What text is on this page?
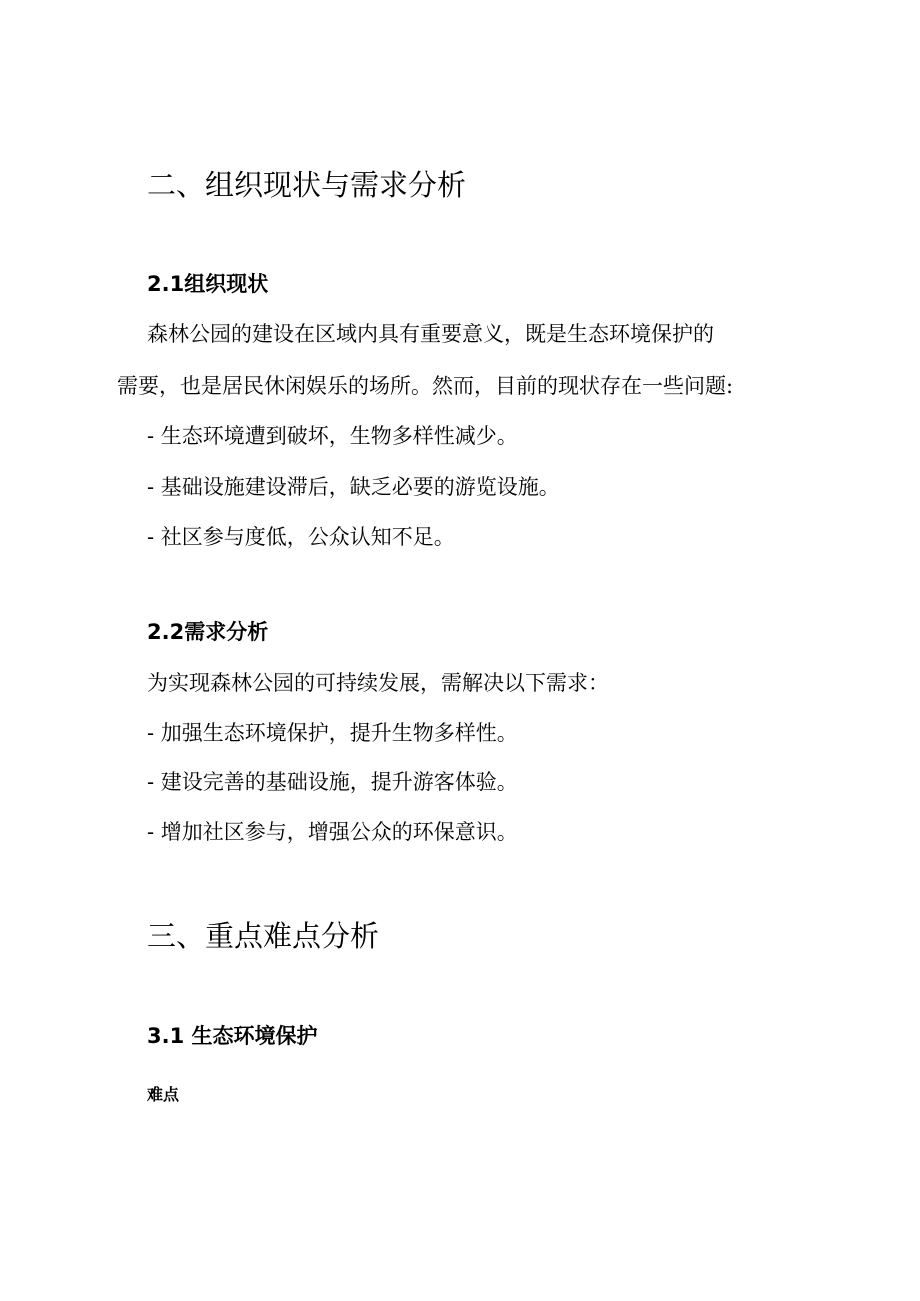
二、组织现状与需求分析
2.1组织现状
森林公园的建设在区域内具有重要意义，既是生态环境保护的
需要，也是居民休闲娱乐的场所。然而，目前的现状存在一些问题:
- 生态环境遭到破坏，生物多样性减少。
- 基础设施建设滞后，缺乏必要的游览设施。
- 社区参与度低，公众认知不足。
2.2需求分析
为实现森林公园的可持续发展，需解决以下需求：
- 加强生态环境保护，提升生物多样性。
- 建设完善的基础设施，提升游客体验。
- 增加社区参与，增强公众的环保意识。
三、重点难点分析
3.1 生态环境保护
难点
